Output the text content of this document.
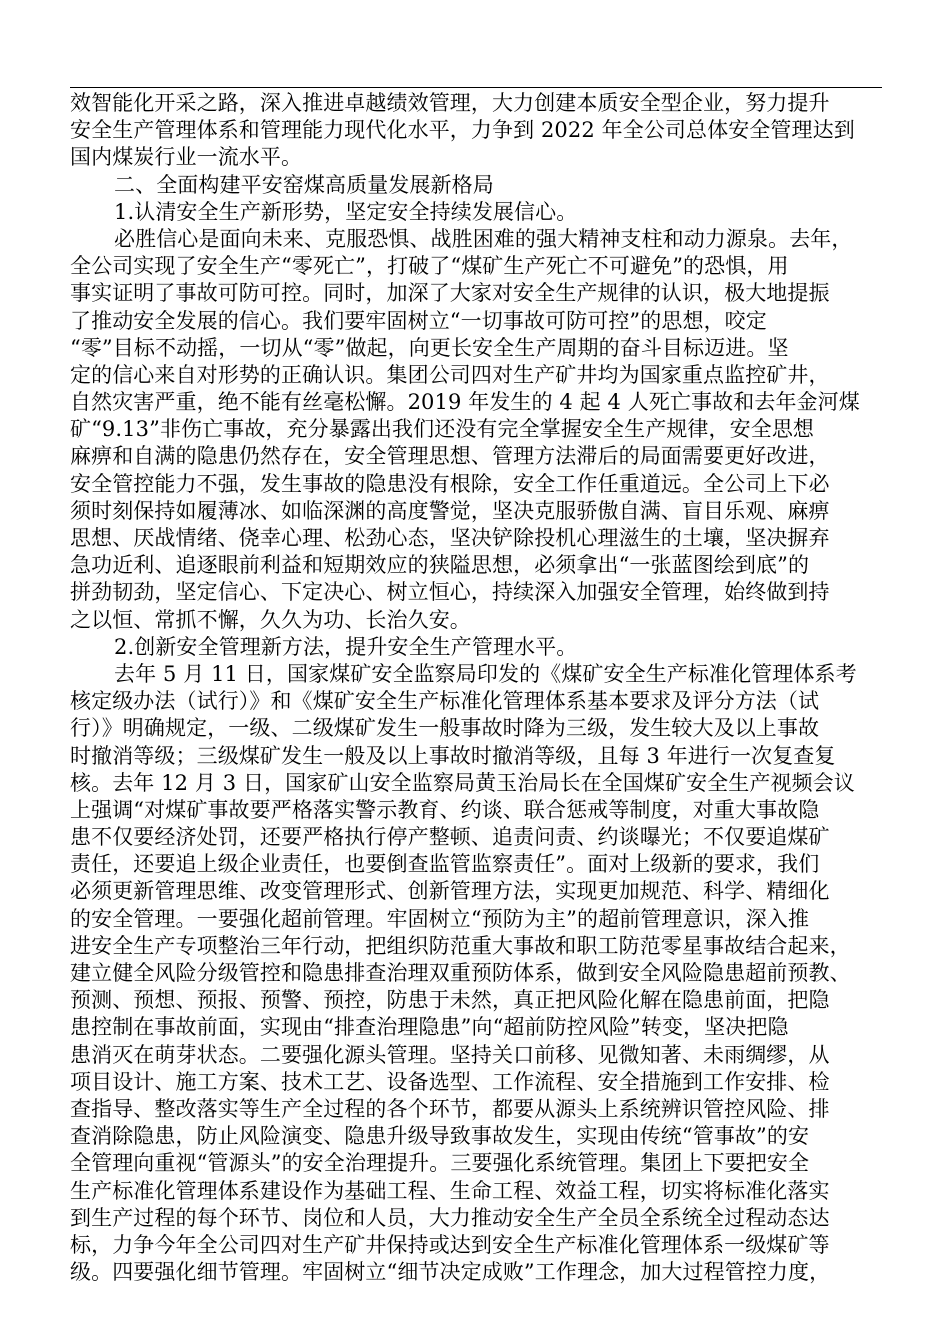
效智能化开采之路，深入推进卓越绩效管理，大力创建本质安全型企业，努力提升
安全生产管理体系和管理能力现代化水平，力争到 2022 年全公司总体安全管理达到
国内煤炭行业一流水平。
二、全面构建平安窑煤高质量发展新格局
1.认清安全生产新形势，坚定安全持续发展信心。
必胜信心是面向未来、克服恐惧、战胜困难的强大精神支柱和动力源泉。去年，
全公司实现了安全生产“零死亡”，打破了“煤矿生产死亡不可避免”的恐惧，用
事实证明了事故可防可控。同时，加深了大家对安全生产规律的认识，极大地提振
了推动安全发展的信心。我们要牢固树立“一切事故可防可控”的思想，咬定
“零”目标不动摇，一切从“零”做起，向更长安全生产周期的奋斗目标迈进。坚
定的信心来自对形势的正确认识。集团公司四对生产矿井均为国家重点监控矿井，
自然灾害严重，绝不能有丝毫松懈。2019 年发生的 4 起 4 人死亡事故和去年金河煤
矿“9.13”非伤亡事故，充分暴露出我们还没有完全掌握安全生产规律，安全思想
麻痹和自满的隐患仍然存在，安全管理思想、管理方法滞后的局面需要更好改进，
安全管控能力不强，发生事故的隐患没有根除，安全工作任重道远。全公司上下必
须时刻保持如履薄冰、如临深渊的高度警觉，坚决克服骄傲自满、盲目乐观、麻痹
思想、厌战情绪、侥幸心理、松劲心态，坚决铲除投机心理滋生的土壤，坚决摒弃
急功近利、追逐眼前利益和短期效应的狭隘思想，必须拿出“一张蓝图绘到底”的
拼劲韧劲，坚定信心、下定决心、树立恒心，持续深入加强安全管理，始终做到持
之以恒、常抓不懈，久久为功、长治久安。
2.创新安全管理新方法，提升安全生产管理水平。
去年 5 月 11 日，国家煤矿安全监察局印发的《煤矿安全生产标准化管理体系考
核定级办法（试行）》和《煤矿安全生产标准化管理体系基本要求及评分方法（试
行）》明确规定，一级、二级煤矿发生一般事故时降为三级，发生较大及以上事故
时撤消等级；三级煤矿发生一般及以上事故时撤消等级，且每 3 年进行一次复查复
核。去年 12 月 3 日，国家矿山安全监察局黄玉治局长在全国煤矿安全生产视频会议
上强调“对煤矿事故要严格落实警示教育、约谈、联合惩戒等制度，对重大事故隐
患不仅要经济处罚，还要严格执行停产整顿、追责问责、约谈曝光；不仅要追煤矿
责任，还要追上级企业责任，也要倒查监管监察责任”。面对上级新的要求，我们
必须更新管理思维、改变管理形式、创新管理方法，实现更加规范、科学、精细化
的安全管理。一要强化超前管理。牢固树立“预防为主”的超前管理意识，深入推
进安全生产专项整治三年行动，把组织防范重大事故和职工防范零星事故结合起来，
建立健全风险分级管控和隐患排查治理双重预防体系，做到安全风险隐患超前预教、
预测、预想、预报、预警、预控，防患于未然，真正把风险化解在隐患前面，把隐
患控制在事故前面，实现由“排查治理隐患”向“超前防控风险”转变，坚决把隐
患消灭在萌芽状态。二要强化源头管理。坚持关口前移、见微知著、未雨绸缪，从
项目设计、施工方案、技术工艺、设备选型、工作流程、安全措施到工作安排、检
查指导、整改落实等生产全过程的各个环节，都要从源头上系统辨识管控风险、排
查消除隐患，防止风险演变、隐患升级导致事故发生，实现由传统“管事故”的安
全管理向重视“管源头”的安全治理提升。三要强化系统管理。集团上下要把安全
生产标准化管理体系建设作为基础工程、生命工程、效益工程，切实将标准化落实
到生产过程的每个环节、岗位和人员，大力推动安全生产全员全系统全过程动态达
标，力争今年全公司四对生产矿井保持或达到安全生产标准化管理体系一级煤矿等
级。四要强化细节管理。牢固树立“细节决定成败”工作理念，加大过程管控力度，
